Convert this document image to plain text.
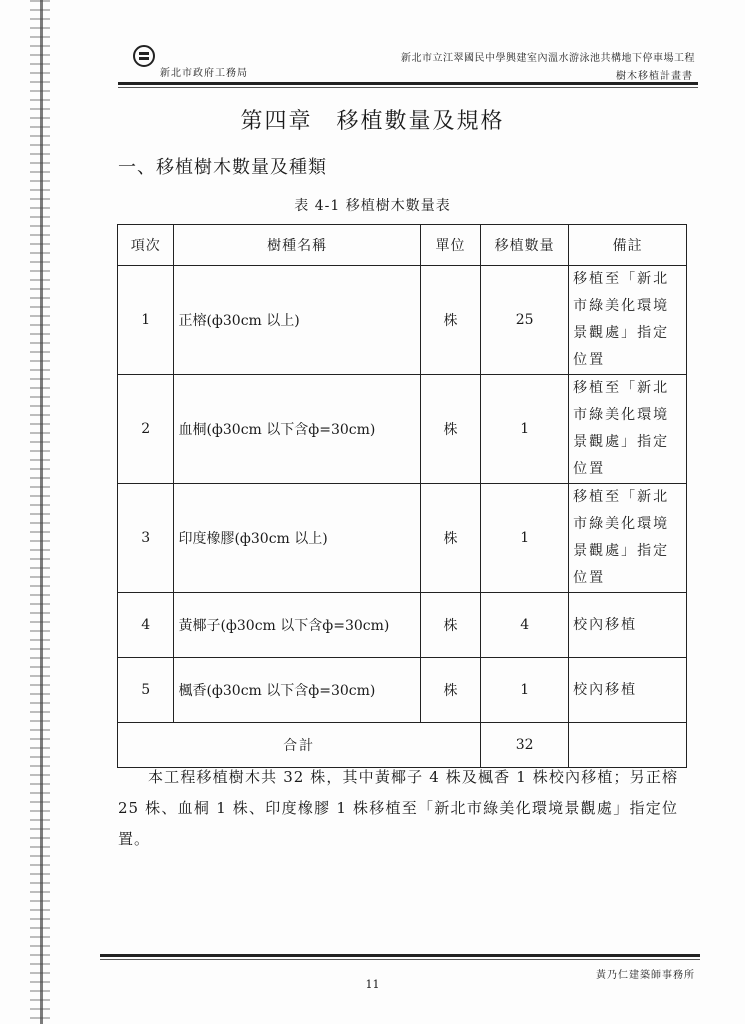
新北市政府工務局
新北市立江翠國民中學興建室內溫水游泳池共構地下停車場工程
樹木移植計畫書
第四章　移植數量及規格
一、移植樹木數量及種類
表 4-1 移植樹木數量表
項次	樹種名稱	單位	移植數量	備註
1	正榕(ф30cm 以上)	株	25	移植至「新北市綠美化環境景觀處」指定位置
2	血桐(ф30cm 以下含ф=30cm)	株	1	移植至「新北市綠美化環境景觀處」指定位置
3	印度橡膠(ф30cm 以上)	株	1	移植至「新北市綠美化環境景觀處」指定位置
4	黃椰子(ф30cm 以下含ф=30cm)	株	4	校內移植
5	楓香(ф30cm 以下含ф=30cm)	株	1	校內移植
合計			32	
本工程移植樹木共 32 株，其中黃椰子 4 株及楓香 1 株校內移植；另正榕 25 株、血桐 1 株、印度橡膠 1 株移植至「新北市綠美化環境景觀處」指定位置。
黃乃仁建築師事務所
11
